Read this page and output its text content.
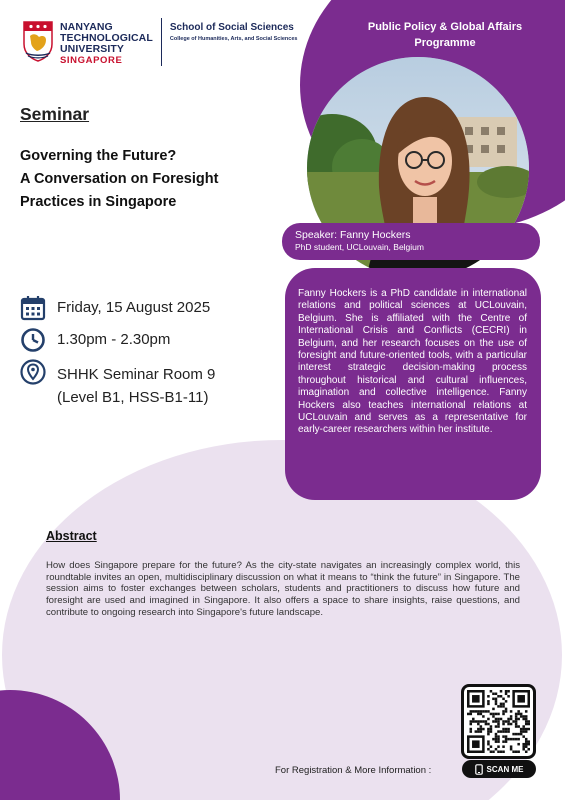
NANYANG
TECHNOLOGICAL
UNIVERSITY
SINGAPORE
School of Social Sciences
College of Humanities, Arts, and Social Sciences
Public Policy & Global Affairs
Programme
Speaker: Fanny Hockers
PhD student, UCLouvain, Belgium

Fanny Hockers is a PhD candidate in international relations and political sciences at UCLouvain, Belgium. She is affiliated with the Centre of International Crisis and Conflicts (CECRI) in Belgium, and her research focuses on the use of foresight and future-oriented tools, with a particular interest strategic decision-making process throughout historical and cultural influences, imagination and collective intelligence. Fanny Hockers also teaches international relations at UCLouvain and serves as a representative for early-career researchers within her institute.

Seminar
Governing the Future?
A Conversation on Foresight
Practices in Singapore
Friday, 15 August 2025
1.30pm - 2.30pm
SHHK Seminar Room 9
(Level B1, HSS-B1-11)
Abstract

How does Singapore prepare for the future? As the city-state navigates an increasingly complex world, this roundtable invites an open, multidisciplinary discussion on what it means to “think the future” in Singapore. The session aims to foster exchanges between scholars, students and practitioners to discuss how future and foresight are used and imagined in Singapore. It also offers a space to share insights, raise questions, and contribute to ongoing research into Singapore's future landscape.

For Registration & More Information :	SCAN ME
